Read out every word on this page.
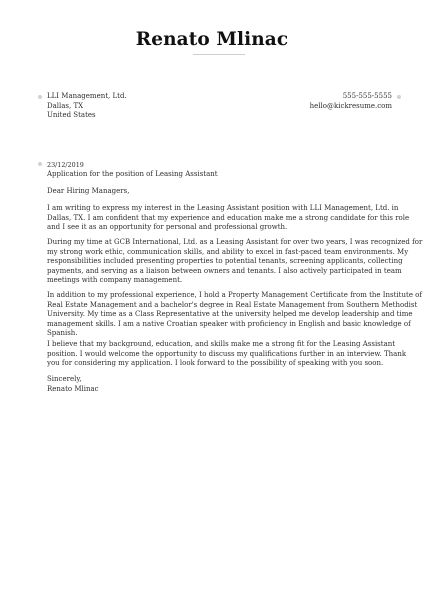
Renato Mlinac
LLI Management, Ltd.
Dallas, TX
United States
555-555-5555
hello@kickresume.com
23/12/2019
Application for the position of Leasing Assistant
Dear Hiring Managers,
I am writing to express my interest in the Leasing Assistant position with LLI Management, Ltd. in
Dallas, TX. I am confident that my experience and education make me a strong candidate for this role
and I see it as an opportunity for personal and professional growth.
During my time at GCB International, Ltd. as a Leasing Assistant for over two years, I was recognized for
my strong work ethic, communication skills, and ability to excel in fast-paced team environments. My
responsibilities included presenting properties to potential tenants, screening applicants, collecting
payments, and serving as a liaison between owners and tenants. I also actively participated in team
meetings with company management.
In addition to my professional experience, I hold a Property Management Certificate from the Institute of
Real Estate Management and a bachelor's degree in Real Estate Management from Southern Methodist
University. My time as a Class Representative at the university helped me develop leadership and time
management skills. I am a native Croatian speaker with proficiency in English and basic knowledge of
Spanish.
I believe that my background, education, and skills make me a strong fit for the Leasing Assistant
position. I would welcome the opportunity to discuss my qualifications further in an interview. Thank
you for considering my application. I look forward to the possibility of speaking with you soon.
Sincerely,
Renato Mlinac
